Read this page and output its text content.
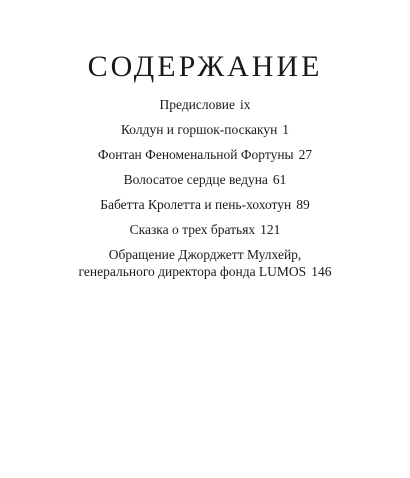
СОДЕРЖАНИЕ
Предисловие ix
Колдун и горшок-поскакун 1
Фонтан Феноменальной Фортуны 27
Волосатое сердце ведуна 61
Бабетта Кролетта и пень-хохотун 89
Сказка о трех братьях 121
Обращение Джорджетт Мулхейр,
генерального директора фонда LUMOS 146
